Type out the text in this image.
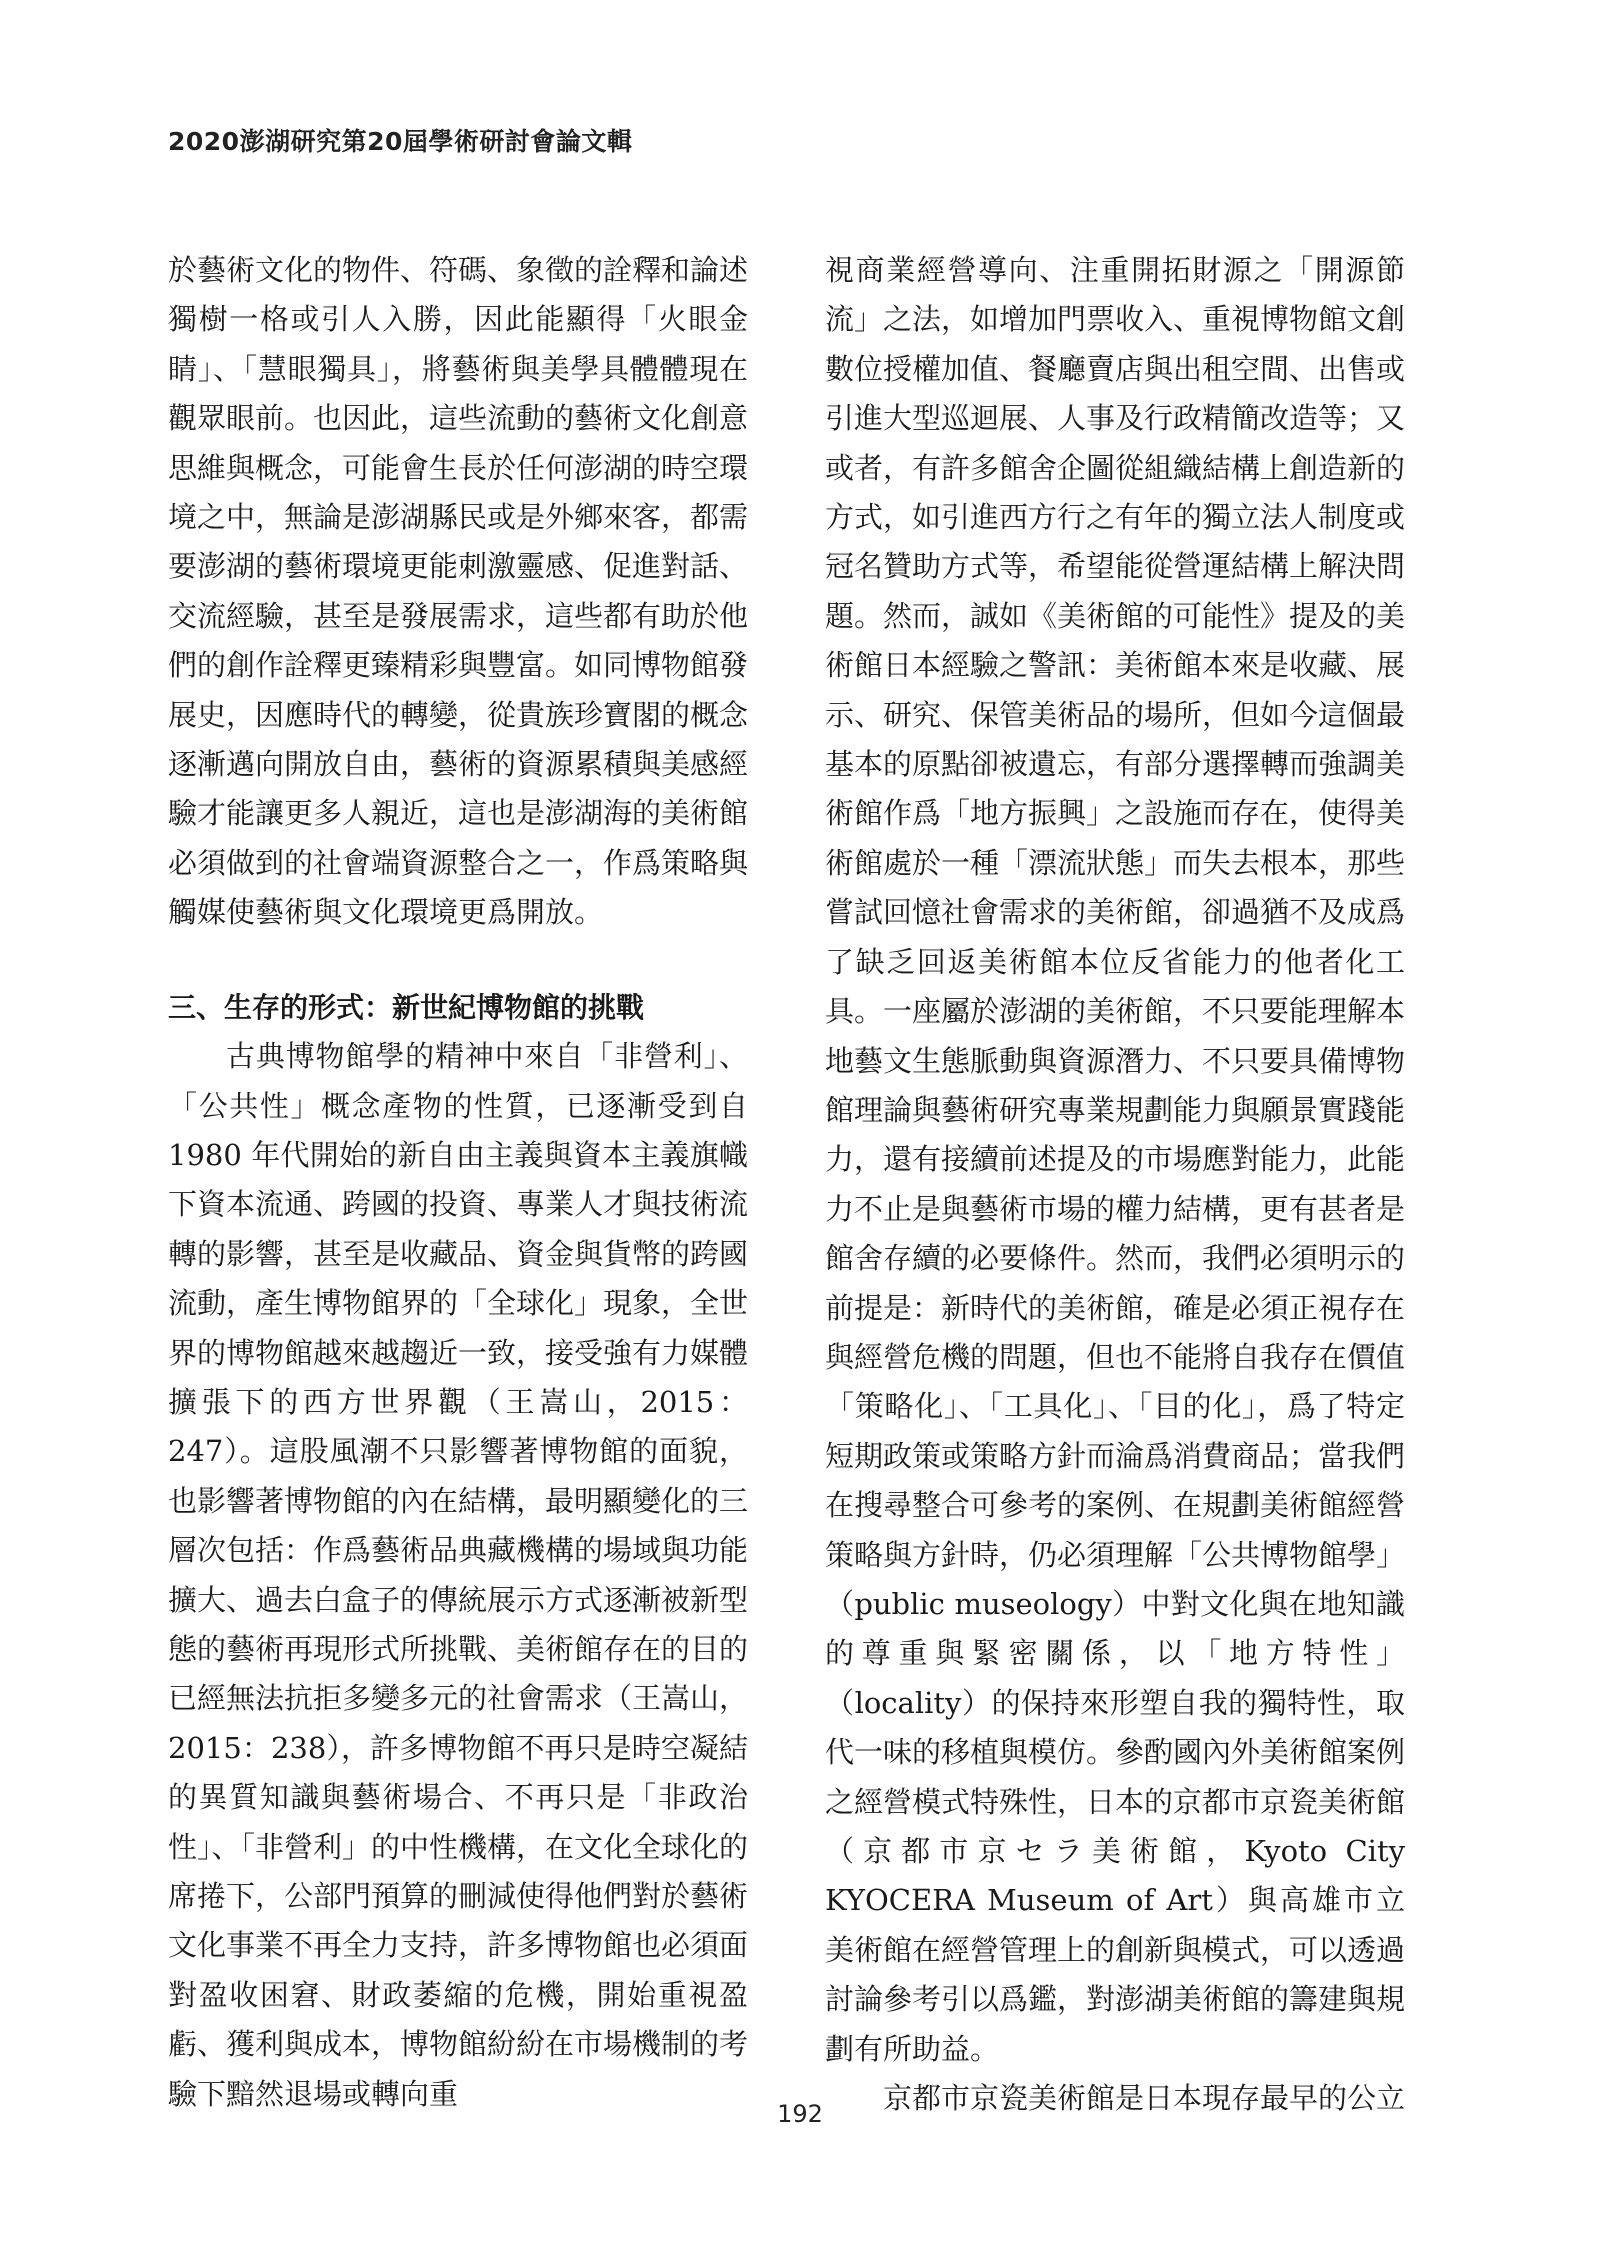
2020澎湖研究第20屆學術研討會論文輯

於藝術文化的物件、符碼、象徵的詮釋和論述獨樹一格或引人入勝，因此能顯得「火眼金睛」、「慧眼獨具」，將藝術與美學具體體現在觀眾眼前。也因此，這些流動的藝術文化創意思維與概念，可能會生長於任何澎湖的時空環境之中，無論是澎湖縣民或是外鄉來客，都需要澎湖的藝術環境更能刺激靈感、促進對話、交流經驗，甚至是發展需求，這些都有助於他們的創作詮釋更臻精彩與豐富。如同博物館發展史，因應時代的轉變，從貴族珍寶閣的概念逐漸邁向開放自由，藝術的資源累積與美感經驗才能讓更多人親近，這也是澎湖海的美術館必須做到的社會端資源整合之一，作爲策略與觸媒使藝術與文化環境更爲開放。

三、生存的形式：新世紀博物館的挑戰

古典博物館學的精神中來自「非營利」、「公共性」概念產物的性質，已逐漸受到自 1980 年代開始的新自由主義與資本主義旗幟下資本流通、跨國的投資、專業人才與技術流轉的影響，甚至是收藏品、資金與貨幣的跨國流動，產生博物館界的「全球化」現象，全世界的博物館越來越趨近一致，接受強有力媒體擴張下的西方世界觀（王嵩山，2015：247）。這股風潮不只影響著博物館的面貌，也影響著博物館的內在結構，最明顯變化的三層次包括：作爲藝術品典藏機構的場域與功能擴大、過去白盒子的傳統展示方式逐漸被新型態的藝術再現形式所挑戰、美術館存在的目的已經無法抗拒多變多元的社會需求（王嵩山，2015：238），許多博物館不再只是時空凝結的異質知識與藝術場合、不再只是「非政治性」、「非營利」的中性機構，在文化全球化的席捲下，公部門預算的刪減使得他們對於藝術文化事業不再全力支持，許多博物館也必須面對盈收困窘、財政萎縮的危機，開始重視盈虧、獲利與成本，博物館紛紛在市場機制的考驗下黯然退場或轉向重

視商業經營導向、注重開拓財源之「開源節流」之法，如增加門票收入、重視博物館文創數位授權加值、餐廳賣店與出租空間、出售或引進大型巡迴展、人事及行政精簡改造等；又或者，有許多館舍企圖從組織結構上創造新的方式，如引進西方行之有年的獨立法人制度或冠名贊助方式等，希望能從營運結構上解決問題。然而，誠如《美術館的可能性》提及的美術館日本經驗之警訊：美術館本來是收藏、展示、研究、保管美術品的場所，但如今這個最基本的原點卻被遺忘，有部分選擇轉而強調美術館作爲「地方振興」之設施而存在，使得美術館處於一種「漂流狀態」而失去根本，那些嘗試回憶社會需求的美術館，卻過猶不及成爲了缺乏回返美術館本位反省能力的他者化工具。一座屬於澎湖的美術館，不只要能理解本地藝文生態脈動與資源潛力、不只要具備博物館理論與藝術研究專業規劃能力與願景實踐能力，還有接續前述提及的市場應對能力，此能力不止是與藝術市場的權力結構，更有甚者是館舍存續的必要條件。然而，我們必須明示的前提是：新時代的美術館，確是必須正視存在與經營危機的問題，但也不能將自我存在價值「策略化」、「工具化」、「目的化」，爲了特定短期政策或策略方針而淪爲消費商品；當我們在搜尋整合可參考的案例、在規劃美術館經營策略與方針時，仍必須理解「公共博物館學」（public museology）中對文化與在地知識的尊重與緊密關係，以「地方特性」（locality）的保持來形塑自我的獨特性，取代一味的移植與模仿。參酌國內外美術館案例之經營模式特殊性，日本的京都市京瓷美術館（京都市京セラ美術館，Kyoto City KYOCERA Museum of Art）與高雄市立美術館在經營管理上的創新與模式，可以透過討論參考引以爲鑑，對澎湖美術館的籌建與規劃有所助益。

京都市京瓷美術館是日本現存最早的公立

192
